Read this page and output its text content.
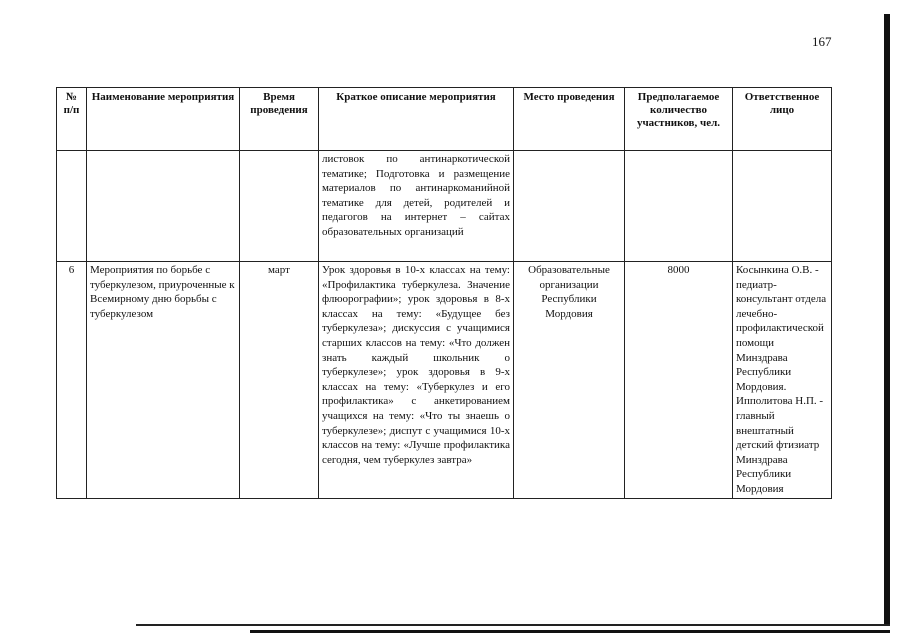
167
№ п/п	Наименование мероприятия	Время проведения	Краткое описание мероприятия	Место проведения	Предполагаемое количество участников, чел.	Ответственное лицо
			листовок по антинаркотической тематике; Подготовка и размещение материалов по антинаркоманийной тематике для детей, родителей и педагогов на интернет – сайтах образовательных организаций			
6	Мероприятия по борьбе с туберкулезом, приуроченные к Всемирному дню борьбы с туберкулезом	март	Урок здоровья в 10-х классах на тему: «Профилактика туберкулеза. Значение флюорографии»; урок здоровья в 8-х классах на тему: «Будущее без туберкулеза»; дискуссия с учащимися старших классов на тему: «Что должен знать каждый школьник о туберкулезе»; урок здоровья в 9-х классах на тему: «Туберкулез и его профилактика» с анкетированием учащихся на тему: «Что ты знаешь о туберкулезе»; диспут с учащимися 10-х классов на тему: «Лучше профилактика сегодня, чем туберкулез завтра»	Образовательные организации Республики Мордовия	8000	Косынкина О.В. - педиатр-консультант отдела лечебно-профилактической помощи Минздрава Республики Мордовия. Ипполитова Н.П. - главный внештатный детский фтизиатр Минздрава Республики Мордовия
